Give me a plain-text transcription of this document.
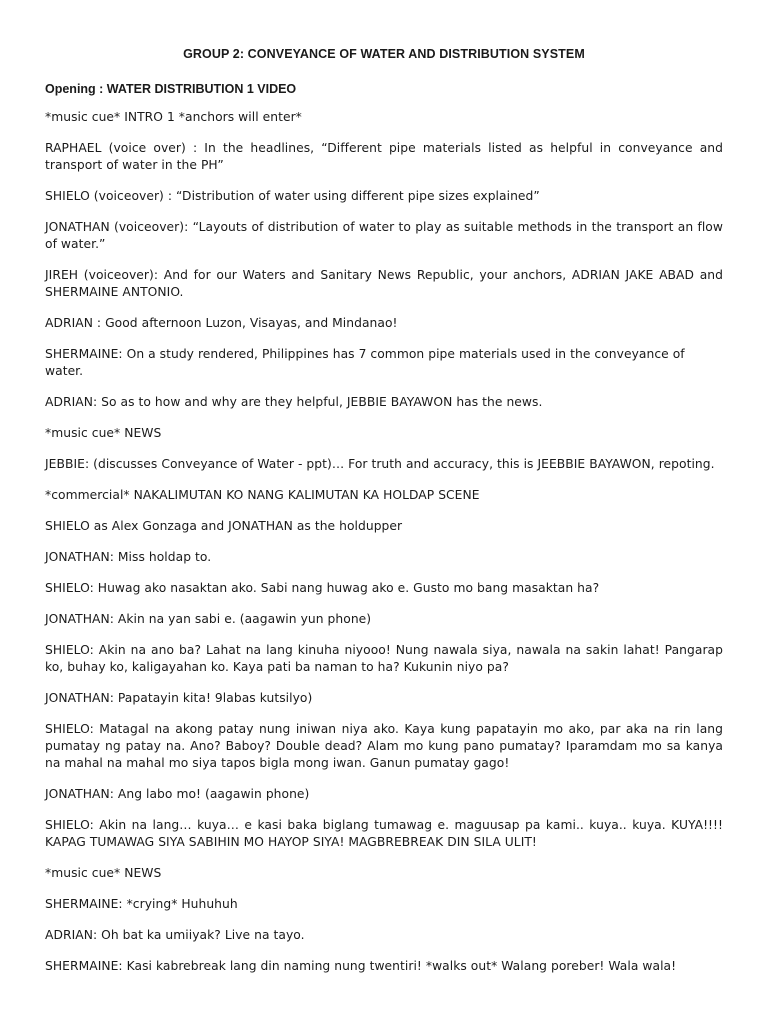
GROUP 2: CONVEYANCE OF WATER AND DISTRIBUTION SYSTEM
Opening : WATER DISTRIBUTION 1 VIDEO
*music cue* INTRO 1 *anchors will enter*
RAPHAEL (voice over) : In the headlines, “Different pipe materials listed as helpful in conveyance and transport of water in the PH”
SHIELO (voiceover) : “Distribution of water using different pipe sizes explained”
JONATHAN (voiceover): “Layouts of distribution of water to play as suitable methods in the transport an flow of water.”
JIREH (voiceover): And for our Waters and Sanitary News Republic, your anchors, ADRIAN JAKE ABAD and SHERMAINE ANTONIO.
ADRIAN : Good afternoon Luzon, Visayas, and Mindanao!
SHERMAINE: On a study rendered, Philippines has 7 common pipe materials used in the conveyance of water.
ADRIAN: So as to how and why are they helpful, JEBBIE BAYAWON has the news.
*music cue* NEWS
JEBBIE: (discusses Conveyance of Water - ppt)… For truth and accuracy, this is JEEBBIE BAYAWON, repoting.
*commercial* NAKALIMUTAN KO NANG KALIMUTAN KA HOLDAP SCENE
SHIELO as Alex Gonzaga and JONATHAN as the holdupper
JONATHAN: Miss holdap to.
SHIELO: Huwag ako nasaktan ako. Sabi nang huwag ako e. Gusto mo bang masaktan ha?
JONATHAN: Akin na yan sabi e. (aagawin yun phone)
SHIELO: Akin na ano ba? Lahat na lang kinuha niyooo! Nung nawala siya, nawala na sakin lahat! Pangarap ko, buhay ko, kaligayahan ko. Kaya pati ba naman to ha? Kukunin niyo pa?
JONATHAN: Papatayin kita! 9labas kutsilyo)
SHIELO: Matagal na akong patay nung iniwan niya ako. Kaya kung papatayin mo ako, par aka na rin lang pumatay ng patay na. Ano? Baboy? Double dead? Alam mo kung pano pumatay? Iparamdam mo sa kanya na mahal na mahal mo siya tapos bigla mong iwan. Ganun pumatay gago!
JONATHAN: Ang labo mo! (aagawin phone)
SHIELO: Akin na lang… kuya… e kasi baka biglang tumawag e. maguusap pa kami.. kuya.. kuya. KUYA!!!! KAPAG TUMAWAG SIYA SABIHIN MO HAYOP SIYA! MAGBREBREAK DIN SILA ULIT!
*music cue* NEWS
SHERMAINE: *crying* Huhuhuh
ADRIAN: Oh bat ka umiiyak? Live na tayo.
SHERMAINE: Kasi kabrebreak lang din naming nung twentiri! *walks out* Walang poreber! Wala wala!
